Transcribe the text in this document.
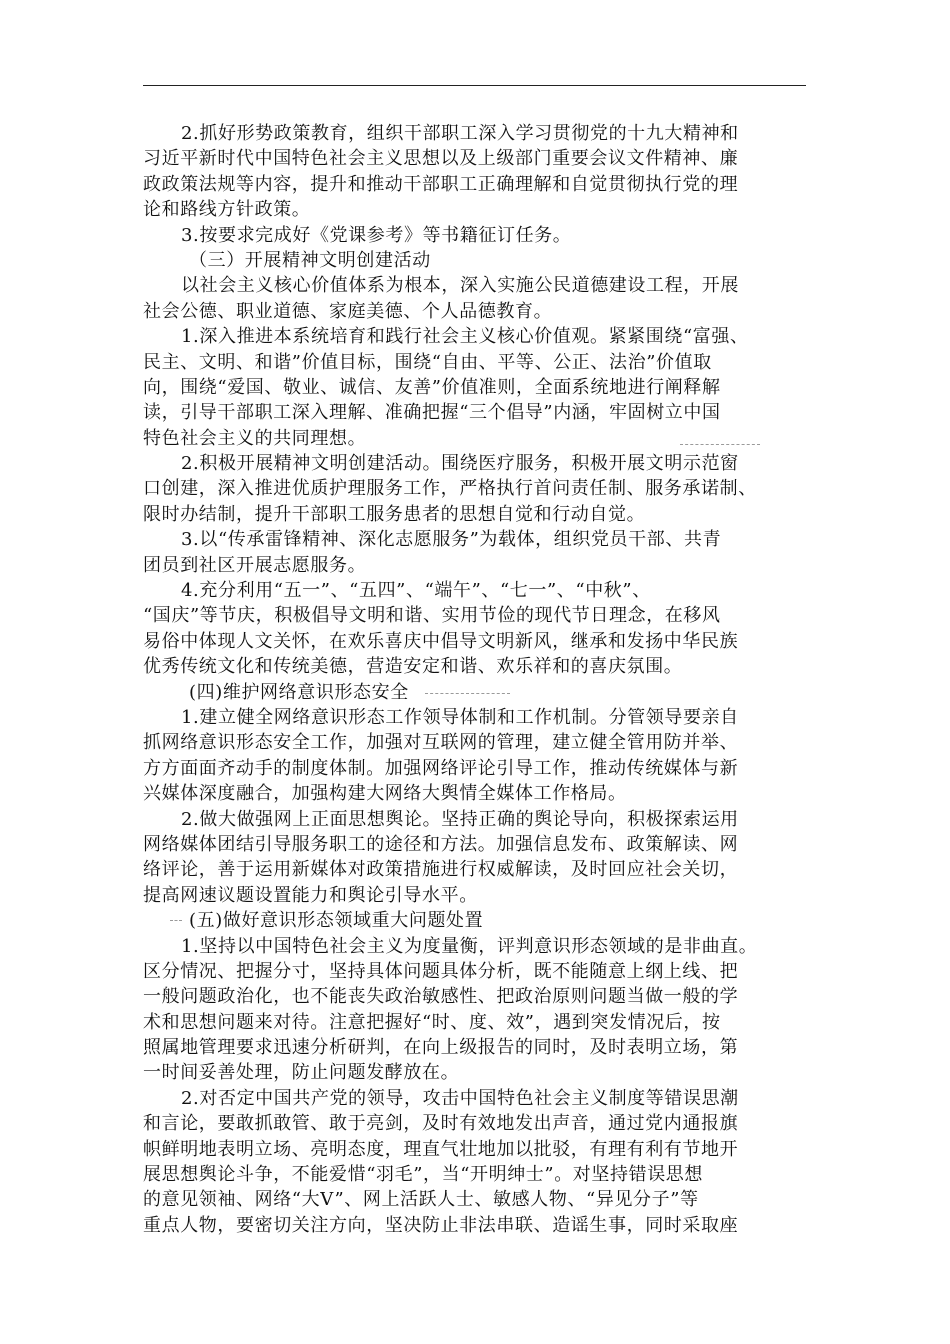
2.抓好形势政策教育，组织干部职工深入学习贯彻党的十九大精神和
习近平新时代中国特色社会主义思想以及上级部门重要会议文件精神、廉
政政策法规等内容，提升和推动干部职工正确理解和自觉贯彻执行党的理
论和路线方针政策。
3.按要求完成好《党课参考》等书籍征订任务。
（三）开展精神文明创建活动
以社会主义核心价值体系为根本，深入实施公民道德建设工程，开展
社会公德、职业道德、家庭美德、个人品德教育。
1.深入推进本系统培育和践行社会主义核心价值观。紧紧围绕“富强、
民主、文明、和谐”价值目标，围绕“自由、平等、公正、法治”价值取
向，围绕“爱国、敬业、诚信、友善”价值准则，全面系统地进行阐释解
读，引导干部职工深入理解、准确把握“三个倡导”内涵，牢固树立中国
特色社会主义的共同理想。
2.积极开展精神文明创建活动。围绕医疗服务，积极开展文明示范窗
口创建，深入推进优质护理服务工作，严格执行首问责任制、服务承诺制、
限时办结制，提升干部职工服务患者的思想自觉和行动自觉。
3.以“传承雷锋精神、深化志愿服务”为载体，组织党员干部、共青
团员到社区开展志愿服务。
4.充分利用“五一”、“五四”、“端午”、“七一”、“中秋”、
“国庆”等节庆，积极倡导文明和谐、实用节俭的现代节日理念，在移风
易俗中体现人文关怀，在欢乐喜庆中倡导文明新风，继承和发扬中华民族
优秀传统文化和传统美德，营造安定和谐、欢乐祥和的喜庆氛围。
(四)维护网络意识形态安全
1.建立健全网络意识形态工作领导体制和工作机制。分管领导要亲自
抓网络意识形态安全工作，加强对互联网的管理，建立健全管用防并举、
方方面面齐动手的制度体制。加强网络评论引导工作，推动传统媒体与新
兴媒体深度融合，加强构建大网络大舆情全媒体工作格局。
2.做大做强网上正面思想舆论。坚持正确的舆论导向，积极探索运用
网络媒体团结引导服务职工的途径和方法。加强信息发布、政策解读、网
络评论，善于运用新媒体对政策措施进行权威解读，及时回应社会关切，
提高网速议题设置能力和舆论引导水平。
(五)做好意识形态领域重大问题处置
1.坚持以中国特色社会主义为度量衡，评判意识形态领域的是非曲直。
区分情况、把握分寸，坚持具体问题具体分析，既不能随意上纲上线、把
一般问题政治化，也不能丧失政治敏感性、把政治原则问题当做一般的学
术和思想问题来对待。注意把握好“时、度、效”，遇到突发情况后，按
照属地管理要求迅速分析研判，在向上级报告的同时，及时表明立场，第
一时间妥善处理，防止问题发酵放在。
2.对否定中国共产党的领导，攻击中国特色社会主义制度等错误思潮
和言论，要敢抓敢管、敢于亮剑，及时有效地发出声音，通过党内通报旗
帜鲜明地表明立场、亮明态度，理直气壮地加以批驳，有理有利有节地开
展思想舆论斗争，不能爱惜“羽毛”，当“开明绅士”。对坚持错误思想
的意见领袖、网络“大V”、网上活跃人士、敏感人物、“异见分子”等
重点人物，要密切关注方向，坚决防止非法串联、造谣生事，同时采取座
